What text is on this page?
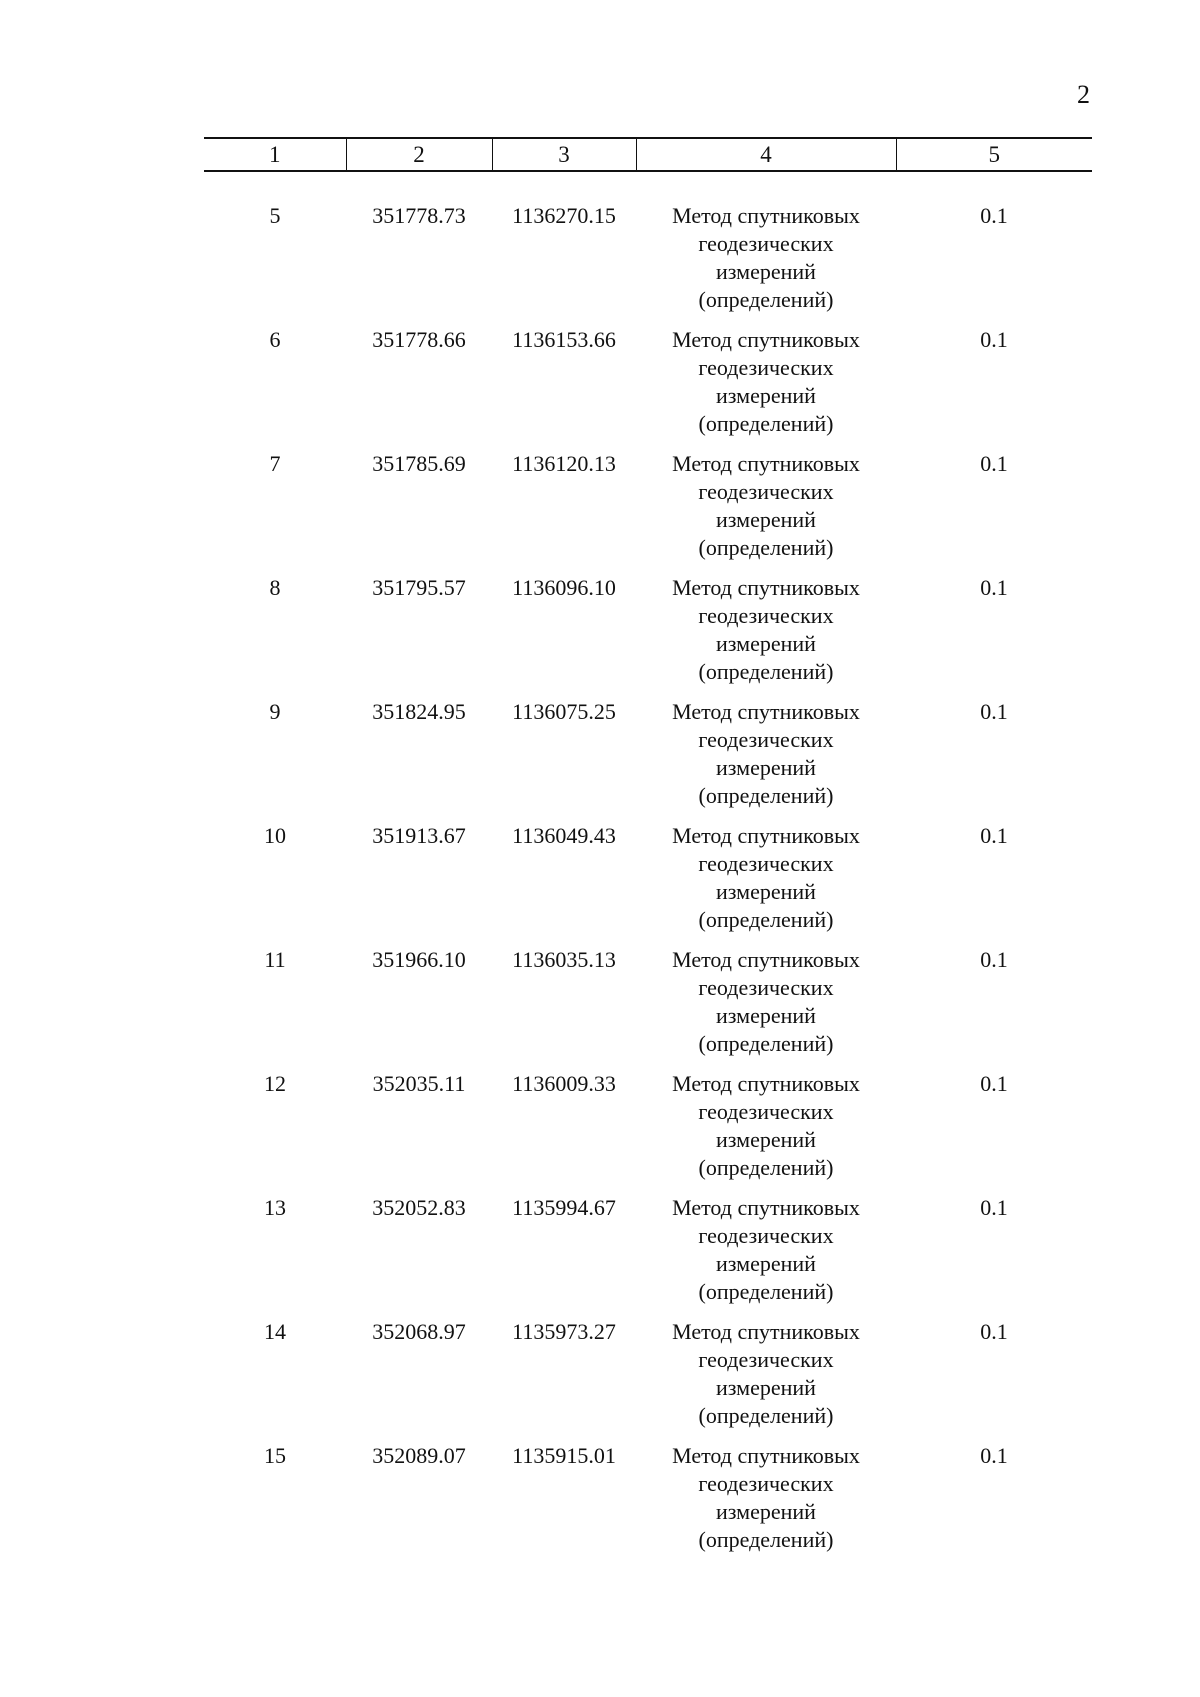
2
1	2	3	4	5

5	351778.73	1136270.15	Метод спутниковых
геодезических
измерений
(определений)	0.1
6	351778.66	1136153.66	Метод спутниковых
геодезических
измерений
(определений)	0.1
7	351785.69	1136120.13	Метод спутниковых
геодезических
измерений
(определений)	0.1
8	351795.57	1136096.10	Метод спутниковых
геодезических
измерений
(определений)	0.1
9	351824.95	1136075.25	Метод спутниковых
геодезических
измерений
(определений)	0.1
10	351913.67	1136049.43	Метод спутниковых
геодезических
измерений
(определений)	0.1
11	351966.10	1136035.13	Метод спутниковых
геодезических
измерений
(определений)	0.1
12	352035.11	1136009.33	Метод спутниковых
геодезических
измерений
(определений)	0.1
13	352052.83	1135994.67	Метод спутниковых
геодезических
измерений
(определений)	0.1
14	352068.97	1135973.27	Метод спутниковых
геодезических
измерений
(определений)	0.1
15	352089.07	1135915.01	Метод спутниковых
геодезических
измерений
(определений)	0.1
